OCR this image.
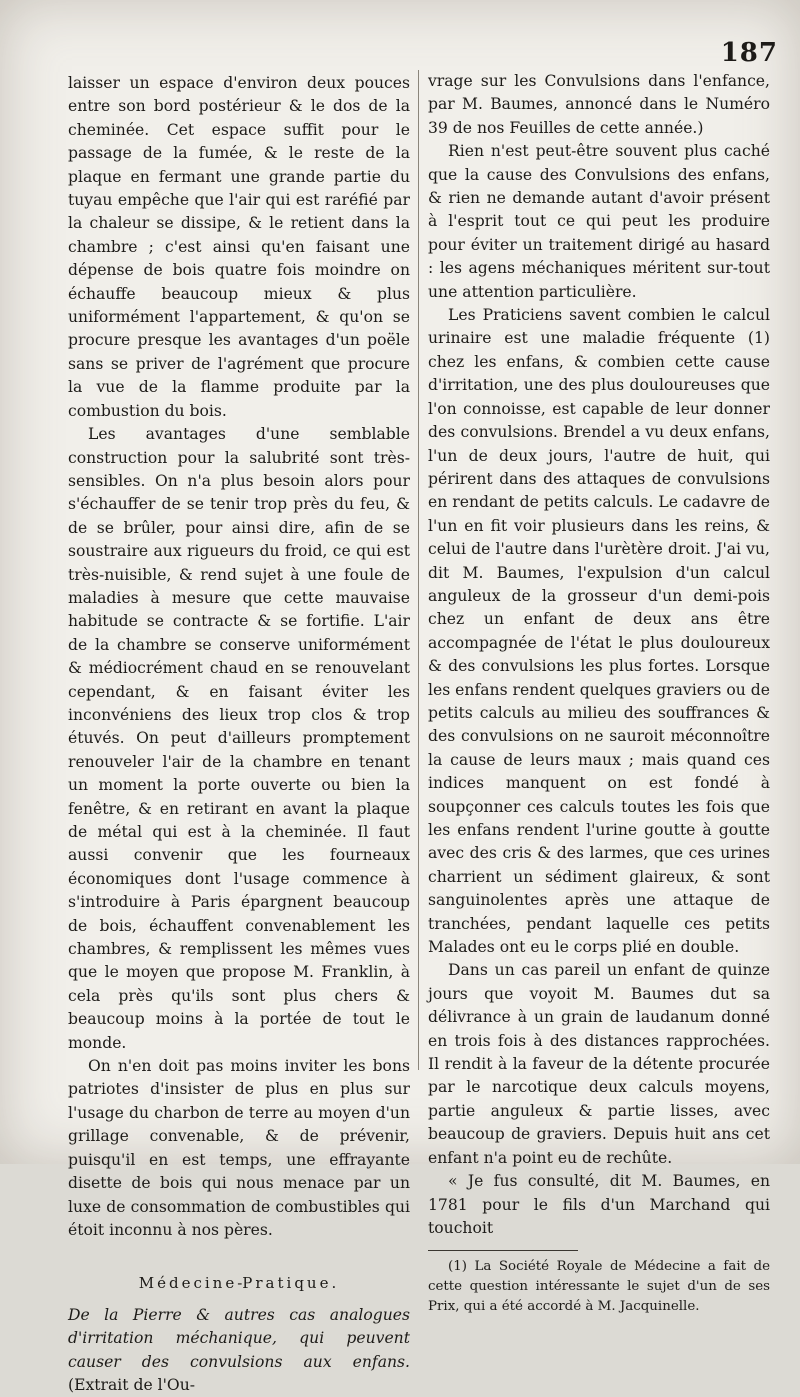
187

laisser un espace d'environ deux pouces entre son bord postérieur & le dos de la cheminée. Cet espace suffit pour le passage de la fumée, & le reste de la plaque en fermant une grande partie du tuyau empêche que l'air qui est raréfié par la chaleur se dissipe, & le retient dans la chambre ; c'est ainsi qu'en faisant une dépense de bois quatre fois moindre on échauffe beaucoup mieux & plus uniformément l'appartement, & qu'on se procure presque les avantages d'un poële sans se priver de l'agrément que procure la vue de la flamme produite par la combustion du bois.

Les avantages d'une semblable construction pour la salubrité sont très-sensibles. On n'a plus besoin alors pour s'échauffer de se tenir trop près du feu, & de se brûler, pour ainsi dire, afin de se soustraire aux rigueurs du froid, ce qui est très-nuisible, & rend sujet à une foule de maladies à mesure que cette mauvaise habitude se contracte & se fortifie. L'air de la chambre se conserve uniformément & médiocrément chaud en se renouvelant cependant, & en faisant éviter les inconvéniens des lieux trop clos & trop étuvés. On peut d'ailleurs promptement renouveler l'air de la chambre en tenant un moment la porte ouverte ou bien la fenêtre, & en retirant en avant la plaque de métal qui est à la cheminée. Il faut aussi convenir que les fourneaux économiques dont l'usage commence à s'introduire à Paris épargnent beaucoup de bois, échauffent convenablement les chambres, & remplissent les mêmes vues que le moyen que propose M. Franklin, à cela près qu'ils sont plus chers & beaucoup moins à la portée de tout le monde.

On n'en doit pas moins inviter les bons patriotes d'insister de plus en plus sur l'usage du charbon de terre au moyen d'un grillage convenable, & de prévenir, puisqu'il en est temps, une effrayante disette de bois qui nous menace par un luxe de consommation de combustibles qui étoit inconnu à nos pères.

Médecine-Pratique.

De la Pierre & autres cas analogues d'irritation méchanique, qui peuvent causer des convulsions aux enfans. (Extrait de l'Ou-

vrage sur les Convulsions dans l'enfance, par M. Baumes, annoncé dans le Numéro 39 de nos Feuilles de cette année.)

Rien n'est peut-être souvent plus caché que la cause des Convulsions des enfans, & rien ne demande autant d'avoir présent à l'esprit tout ce qui peut les produire pour éviter un traitement dirigé au hasard : les agens méchaniques méritent sur-tout une attention particulière.

Les Praticiens savent combien le calcul urinaire est une maladie fréquente (1) chez les enfans, & combien cette cause d'irritation, une des plus douloureuses que l'on connoisse, est capable de leur donner des convulsions. Brendel a vu deux enfans, l'un de deux jours, l'autre de huit, qui périrent dans des attaques de convulsions en rendant de petits calculs. Le cadavre de l'un en fit voir plusieurs dans les reins, & celui de l'autre dans l'urètère droit. J'ai vu, dit M. Baumes, l'expulsion d'un calcul anguleux de la grosseur d'un demi-pois chez un enfant de deux ans être accompagnée de l'état le plus douloureux & des convulsions les plus fortes. Lorsque les enfans rendent quelques graviers ou de petits calculs au milieu des souffrances & des convulsions on ne sauroit méconnoître la cause de leurs maux ; mais quand ces indices manquent on est fondé à soupçonner ces calculs toutes les fois que les enfans rendent l'urine goutte à goutte avec des cris & des larmes, que ces urines charrient un sédiment glaireux, & sont sanguinolentes après une attaque de tranchées, pendant laquelle ces petits Malades ont eu le corps plié en double.

Dans un cas pareil un enfant de quinze jours que voyoit M. Baumes dut sa délivrance à un grain de laudanum donné en trois fois à des distances rapprochées. Il rendit à la faveur de la détente procurée par le narcotique deux calculs moyens, partie anguleux & partie lisses, avec beaucoup de graviers. Depuis huit ans cet enfant n'a point eu de rechûte.

« Je fus consulté, dit M. Baumes, en 1781 pour le fils d'un Marchand qui touchoit

(1) La Société Royale de Médecine a fait de cette question intéressante le sujet d'un de ses Prix, qui a été accordé à M. Jacquinelle.
